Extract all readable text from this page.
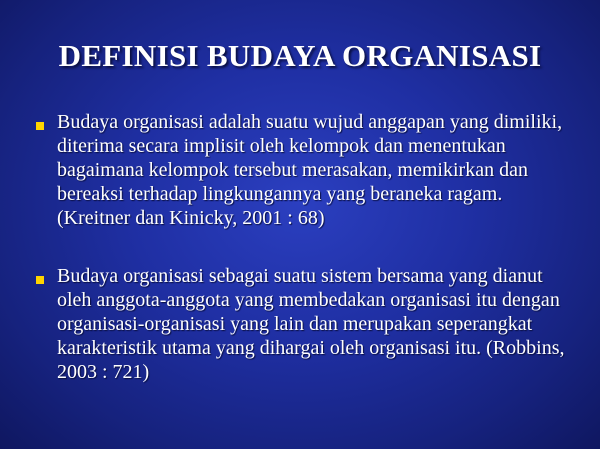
DEFINISI BUDAYA ORGANISASI
Budaya organisasi adalah suatu wujud anggapan yang dimiliki, diterima secara implisit oleh kelompok dan menentukan bagaimana kelompok tersebut merasakan, memikirkan dan bereaksi terhadap lingkungannya yang beraneka ragam. (Kreitner dan Kinicky, 2001 : 68)
Budaya organisasi sebagai suatu sistem bersama yang dianut oleh anggota-anggota yang membedakan organisasi itu dengan organisasi-organisasi yang lain dan merupakan seperangkat karakteristik utama yang dihargai oleh organisasi itu. (Robbins, 2003 : 721)
